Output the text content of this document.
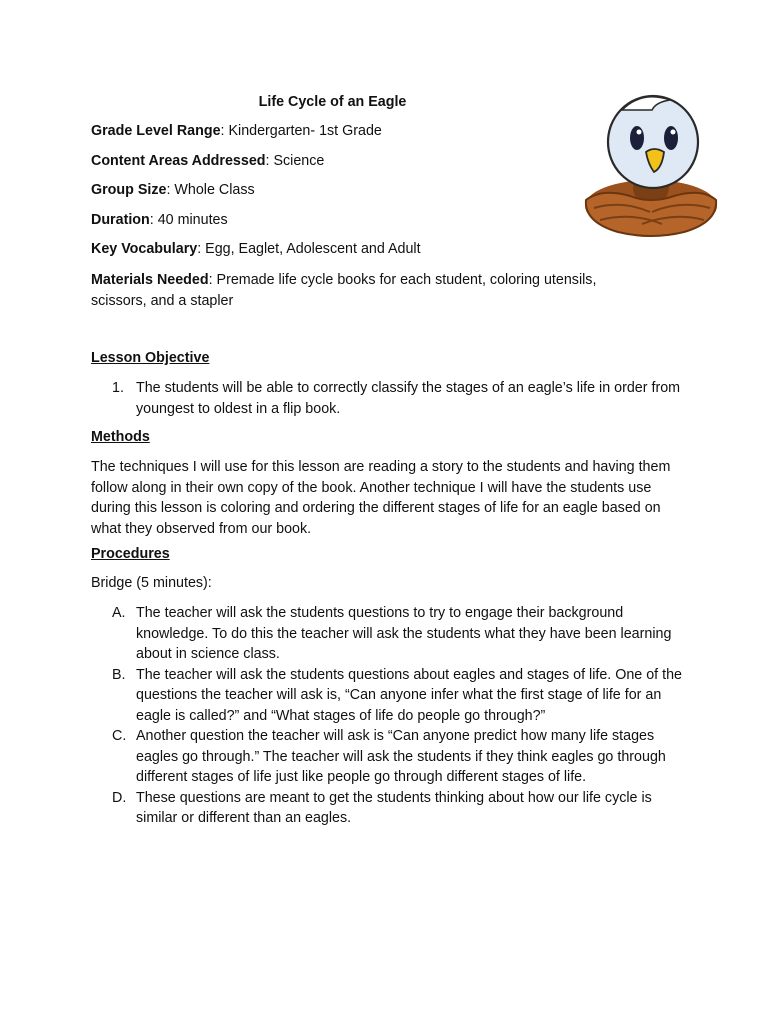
Life Cycle of an Eagle
Grade Level Range: Kindergarten- 1st Grade
Content Areas Addressed: Science
Group Size: Whole Class
Duration: 40 minutes
Key Vocabulary: Egg, Eaglet, Adolescent and Adult
Materials Needed: Premade life cycle books for each student, coloring utensils, scissors, and a stapler
Lesson Objective
1. The students will be able to correctly classify the stages of an eagle’s life in order from youngest to oldest in a flip book.
Methods
The techniques I will use for this lesson are reading a story to the students and having them follow along in their own copy of the book. Another technique I will have the students use during this lesson is coloring and ordering the different stages of life for an eagle based on what they observed from our book.
Procedures
Bridge (5 minutes):
A. The teacher will ask the students questions to try to engage their background knowledge. To do this the teacher will ask the students what they have been learning about in science class.
B. The teacher will ask the students questions about eagles and stages of life. One of the questions the teacher will ask is, “Can anyone infer what the first stage of life for an eagle is called?” and “What stages of life do people go through?”
C. Another question the teacher will ask is “Can anyone predict how many life stages eagles go through.” The teacher will ask the students if they think eagles go through different stages of life just like people go through different stages of life.
D. These questions are meant to get the students thinking about how our life cycle is similar or different than an eagles.
